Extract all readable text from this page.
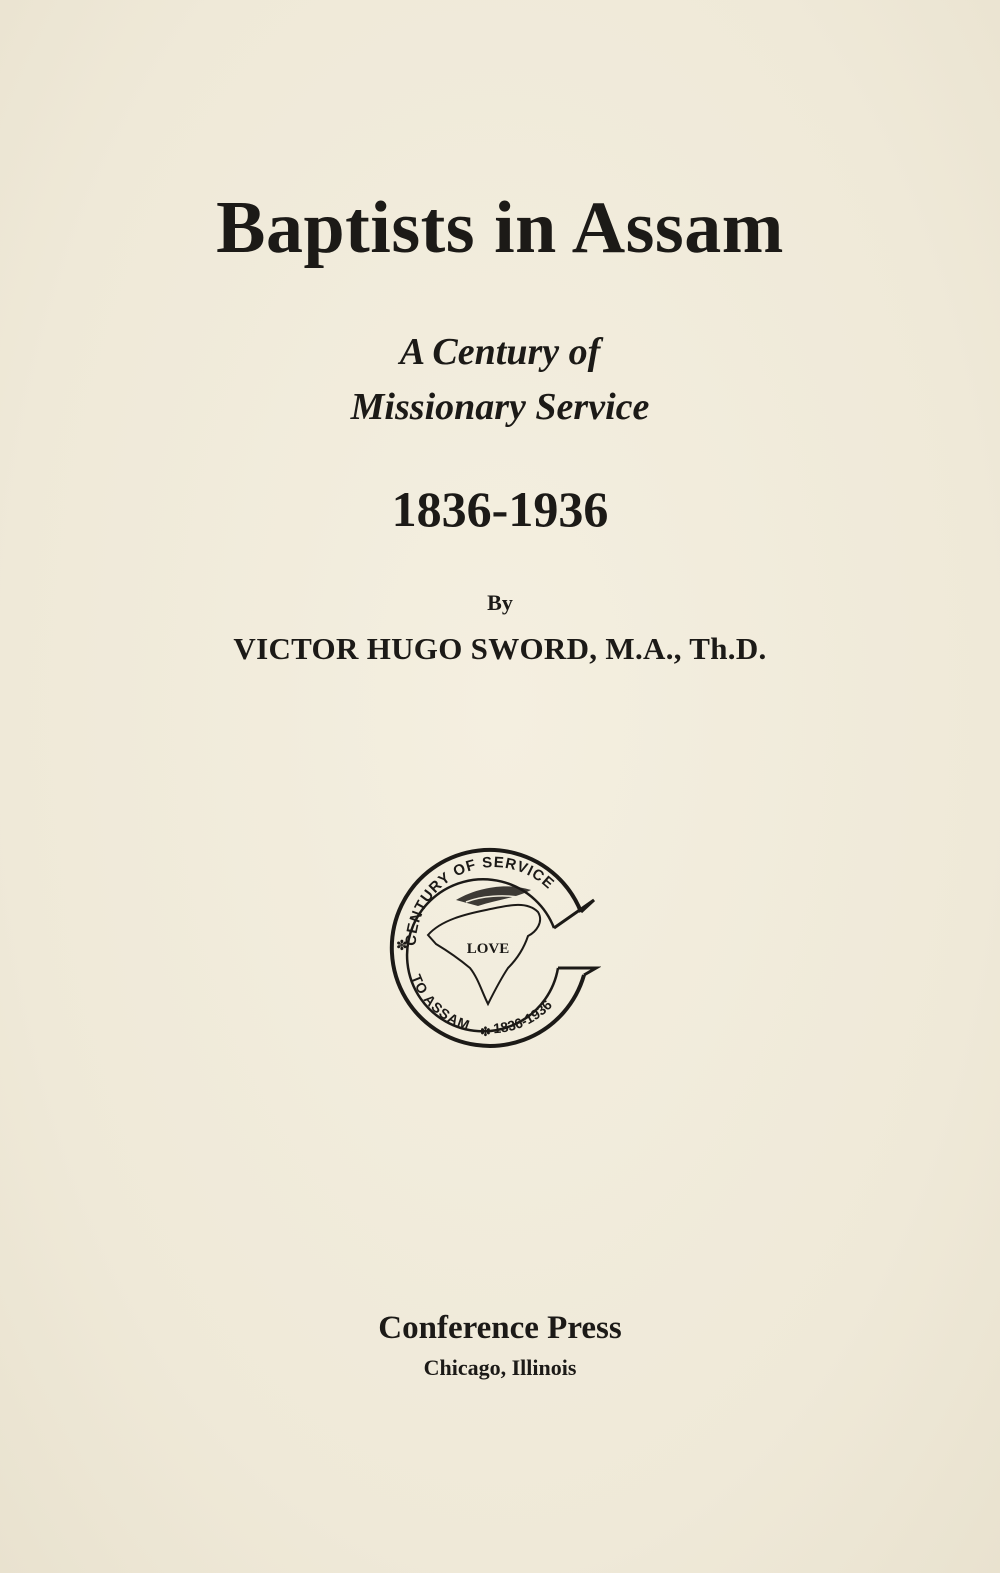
Baptists in Assam
A Century of
Missionary Service
1836-1936
By
VICTOR HUGO SWORD, M.A., Th.D.
CENTURY OF SERVICE
TO ASSAM 1836-1936
✽
✽
LOVE
Conference Press
Chicago, Illinois
